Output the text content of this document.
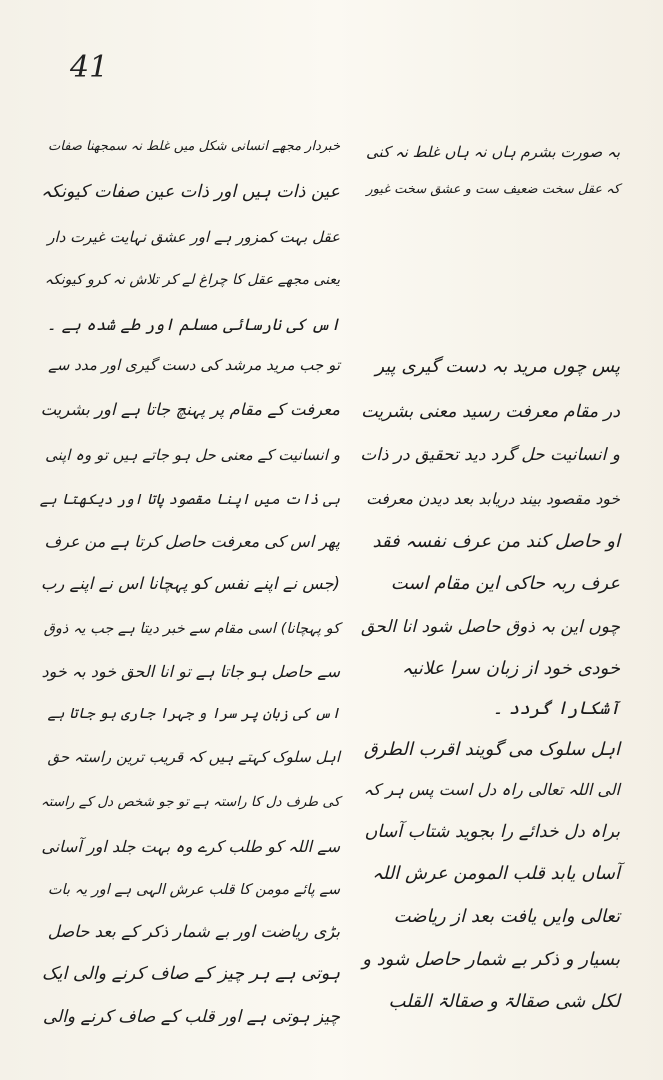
41
بہ صورت بشرم ہاں نہ ہاں غلط نہ کنی
کہ عقل سخت ضعیف ست و عشق سخت غیور
پس چوں مرید بہ دست گیری پیر
در مقام معرفت رسید معنی بشریت
و انسانیت حل گرد دید تحقیق در ذات
خود مقصود بیند دریابد بعد دیدن معرفت
او حاصل کند من عرف نفسہ فقد
عرف ربہ حاکی این مقام است
چوں این بہ ذوق حاصل شود انا الحق
خودی خود از زبان سرا علانیہ
آشکارا گردد ۔
اہل سلوک می گویند اقرب الطرق
الی اللہ تعالی راہ دل است پس ہر کہ
براہ دل خدائے را بجوید شتاب آساں
آساں یابد قلب المومن عرش اللہ
تعالی وایں یافت بعد از ریاضت
بسیار و ذکر بے شمار حاصل شود و
لکل شی صقالۃ و صقالۃ القلب
خبردار مجھے انسانی شکل میں غلط نہ سمجھنا صفات
عین ذات ہیں اور ذات عین صفات کیونکہ
عقل بہت کمزور ہے اور عشق نہایت غیرت دار
یعنی مجھے عقل کا چراغ لے کر تلاش نہ کرو کیونکہ
اس کی نارسائی مسلم اور طے شدہ ہے ۔
تو جب مرید مرشد کی دست گیری اور مدد سے
معرفت کے مقام پر پہنچ جاتا ہے اور بشریت
و انسانیت کے معنی حل ہو جاتے ہیں تو وہ اپنی
ہی ذات میں اپنا مقصود پاتا اور دیکھتا ہے
پھر اس کی معرفت حاصل کرتا ہے من عرف
(جس نے اپنے نفس کو پہچانا اس نے اپنے رب
کو پہچانا) اسی مقام سے خبر دیتا ہے جب یہ ذوق
سے حاصل ہو جاتا ہے تو انا الحق خود بہ خود
اس کی زبان پر سرا و جہرا جاری ہو جاتا ہے
اہل سلوک کہتے ہیں کہ قریب ترین راستہ حق
کی طرف دل کا راستہ ہے تو جو شخص دل کے راستہ
سے اللہ کو طلب کرے وہ بہت جلد اور آسانی
سے پائے مومن کا قلب عرش الہی ہے اور یہ بات
بڑی ریاضت اور بے شمار ذکر کے بعد حاصل
ہوتی ہے ہر چیز کے صاف کرنے والی ایک
چیز ہوتی ہے اور قلب کے صاف کرنے والی
